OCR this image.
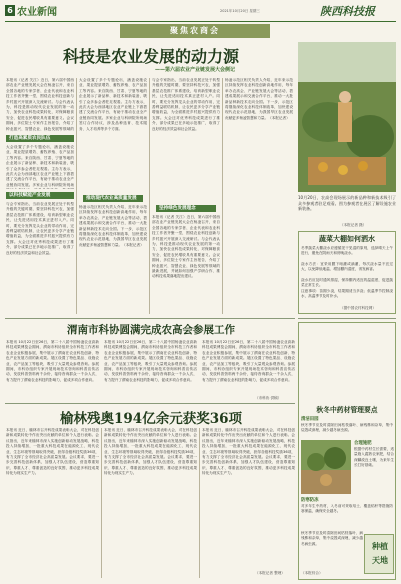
6 农业新闻	2021年10月20日 星期三	陕西科技报
聚焦农商会
科技是农业发展的动力源
——第六届农业产业链发展大会侧记
本报讯（记者 关江）近日，第六届中国西部农业产业链发展大会在杨凌召开，来自全国各地的专家学者、企业代表和农业科技工作者齐聚一堂，围绕农业科技创新与乡村振兴开展深入交流研讨。与会代表认为，科技是推动现代农业发展的第一动力，加快农业科技成果转化，对保障粮食安全、促进农民增收具有重要意义。会议期间，多位院士专家作主旨报告，介绍了种业振兴、智慧农业、绿色发展等领域的
打造高素质农民队伍
大会设置了多个专题论坛，涵盖设施农业、果业提质增效、畜牧养殖、农产品加工等内容。来自陕西、甘肃、宁夏等地的企业展示了新品种、新技术和新装备，吸引了众多参会者驻足观看。主办方表示，此次大会为西部地区农业产业链上下游搭建了交流合作平台，有助于推动农业全产业链协同发展。多家企业与科研院所现场
以科技赋能产业发展
与会专家指出，当前农业发展正处于转型升级的关键时期，要坚持科技兴农，加强基层农技推广体系建设，培育新型职业农民，让先进适用技术真正进村入户。同时，要充分发挥龙头企业的带动作用，完善利益联结机制，让农民更多分享产业链增值收益，为全面推进乡村振兴提供有力支撑。大会还对优秀科技成果进行了推介，部分成果已在多地示范推广，取得了良好的经济效益和社会效益。
大会设置了多个专题论坛，涵盖设施农业、果业提质增效、畜牧养殖、农产品加工等内容。来自陕西、甘肃、宁夏等地的企业展示了新品种、新技术和新装备，吸引了众多参会者驻足观看。主办方表示，此次大会为西部地区农业产业链上下游搭建了交流合作平台，有助于推动农业全产业链协同发展。多家企业与科研院所现场签订合作协议，涉及品种选育、技术服务、人才培养等多个方面。
推动现代农业高质量发展
杨凌示范区相关负责人介绍，近年来示范区持续发挥农业科技创新高地作用，每年举办农高会、产业链发展大会等活动，搭建成果展示和交流合作平台，推动一大批新品种新技术走向全国。下一步，示范区将继续深化农业科技体制改革，加快建设现代农业示范基地，为我国旱区农业发展贡献更多杨凌智慧和力量。（本报记者）
与会专家指出，当前农业发展正处于转型升级的关键时期，要坚持科技兴农，加强基层农技推广体系建设，培育新型职业农民，让先进适用技术真正进村入户。同时，要充分发挥龙头企业的带动作用，完善利益联结机制，让农民更多分享产业链增值收益，为全面推进乡村振兴提供有力支撑。大会还对优秀科技成果进行了推介，部分成果已在多地示范推广，取得了良好的经济效益和社会效益。
坚持绿色发展理念
本报讯（记者 关江）近日，第六届中国西部农业产业链发展大会在杨凌召开，来自全国各地的专家学者、企业代表和农业科技工作者齐聚一堂，围绕农业科技创新与乡村振兴开展深入交流研讨。与会代表认为，科技是推动现代农业发展的第一动力，加快农业科技成果转化，对保障粮食安全、促进农民增收具有重要意义。会议期间，多位院士专家作主旨报告，介绍了种业振兴、智慧农业、绿色发展等领域的最新进展，并就如何加强产学研合作、推动科技成果落地提出建议。
杨凌示范区相关负责人介绍，近年来示范区持续发挥农业科技创新高地作用，每年举办农高会、产业链发展大会等活动，搭建成果展示和交流合作平台，推动一大批新品种新技术走向全国。下一步，示范区将继续深化农业科技体制改革，加快建设现代农业示范基地，为我国旱区农业发展贡献更多杨凌智慧和力量。（本报记者）
10月20日，农高会现场展示的新品种和新技术吸引了众多参观者驻足观看。图为参观者在展区了解设施农业新装备。
（本报记者 摄）
蔬菜大棚如何洒水
冬季蔬菜大棚浇水应遵循见干见湿的原则，选择晴天上午进行，避免在阴雨天和傍晚浇水。
浇水方法：宜采用膜下暗灌或滴灌，每次浇水量不宜过大，以免降低地温、增加棚内湿度，诱发病害。
浇水后应及时通风排湿，保持棚内适宜的温湿度，促进蔬菜正常生长。
注意事项：苗期少浇，结果期适当多浇；低温季节控制浇水，高温季节及时补水。
（据中国农村科技网）
渭南市科协圆满完成农高会参展工作
本报讯 10月22日至26日，第二十八届中国杨凌农业高新科技成果博览会期间，渭南市科协组织全市科技工作者和农业企业积极参展，集中展示了渭南在农业科技创新、特色产业发展方面的新成果。展区设置了特色果品、设施农业、农产品加工等板块，吸引了大量观众参观咨询。参展期间，市科协组织专家开展现场技术咨询和科普宣传活动，发放科普资料两千余份，接待咨询群众一千余人次，有力提升了渭南农业科技的影响力，促成多项合作意向。
本报讯 10月22日至26日，第二十八届中国杨凌农业高新科技成果博览会期间，渭南市科协组织全市科技工作者和农业企业积极参展，集中展示了渭南在农业科技创新、特色产业发展方面的新成果。展区设置了特色果品、设施农业、农产品加工等板块，吸引了大量观众参观咨询。参展期间，市科协组织专家开展现场技术咨询和科普宣传活动，发放科普资料两千余份，接待咨询群众一千余人次，有力提升了渭南农业科技的影响力，促成多项合作意向。
本报讯 10月22日至26日，第二十八届中国杨凌农业高新科技成果博览会期间，渭南市科协组织全市科技工作者和农业企业积极参展，集中展示了渭南在农业科技创新、特色产业发展方面的新成果。展区设置了特色果品、设施农业、农产品加工等板块，吸引了大量观众参观咨询。参展期间，市科协组织专家开展现场技术咨询和科普宣传活动，发放科普资料两千余份，接待咨询群众一千余人次，有力提升了渭南农业科技的影响力，促成多项合作意向。
（市科协 供稿）
秋冬中药材管理要点
清洁田园
秋冬季节应及时清除田间枯枝落叶、病残株和杂草，集中烧毁或深埋，减少越冬病虫源。
合理施肥
根据中药材生长需要，适量施入腐熟农家肥，结合深翻改良土壤，为来年生长打好基础。
防寒防冻
对多年生中药材，入冬前可采取培土、覆盖秸秆等措施防寒保温，确保安全越冬。
秋冬季节应及时清除田间枯枝落叶、病残株和杂草，集中烧毁或深埋，减少越冬病虫源。
（本报综合）
种植
天地
榆林残奥194亿余元获奖36项
本报讯 近日，榆林市召开科技成果表彰大会，对在科技创新和成果转化中作出突出贡献的单位和个人进行表彰。会议指出，近年来榆林市深入实施创新驱动发展战略，科技投入持续增加，一批重大科技成果在能源化工、现代农业、生态环境等领域取得突破，获得各级科技奖励36项，有力支撑了全市经济社会高质量发展。会议要求，要进一步完善科技创新体系，加强人才队伍建设，营造尊重知识、尊重人才、尊重创造的良好氛围，推动更多科技成果转化为现实生产力。
本报讯 近日，榆林市召开科技成果表彰大会，对在科技创新和成果转化中作出突出贡献的单位和个人进行表彰。会议指出，近年来榆林市深入实施创新驱动发展战略，科技投入持续增加，一批重大科技成果在能源化工、现代农业、生态环境等领域取得突破，获得各级科技奖励36项，有力支撑了全市经济社会高质量发展。会议要求，要进一步完善科技创新体系，加强人才队伍建设，营造尊重知识、尊重人才、尊重创造的良好氛围，推动更多科技成果转化为现实生产力。
本报讯 近日，榆林市召开科技成果表彰大会，对在科技创新和成果转化中作出突出贡献的单位和个人进行表彰。会议指出，近年来榆林市深入实施创新驱动发展战略，科技投入持续增加，一批重大科技成果在能源化工、现代农业、生态环境等领域取得突破，获得各级科技奖励36项，有力支撑了全市经济社会高质量发展。会议要求，要进一步完善科技创新体系，加强人才队伍建设，营造尊重知识、尊重人才、尊重创造的良好氛围，推动更多科技成果转化为现实生产力。
（本报记者 整理）
